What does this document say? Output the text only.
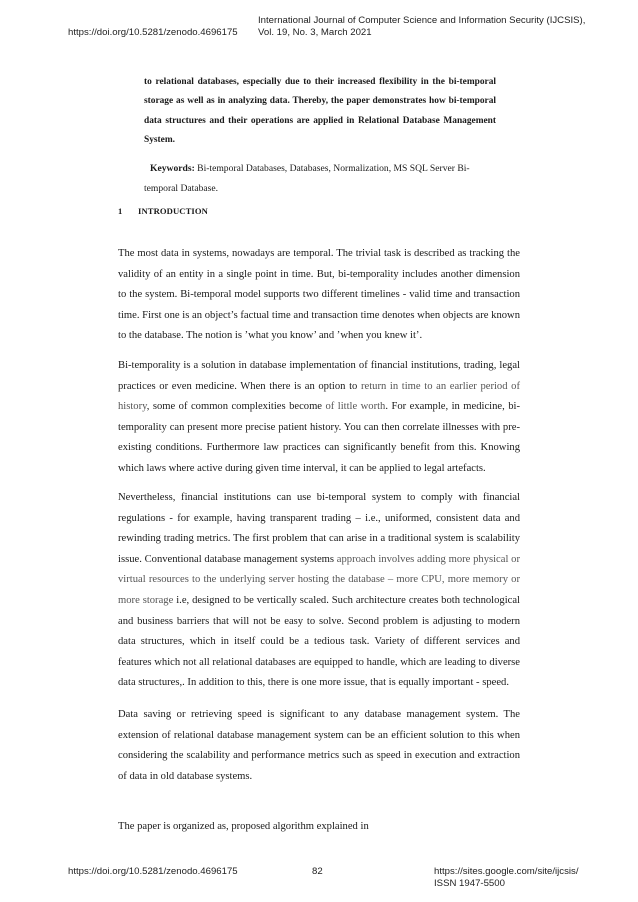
https://doi.org/10.5281/zenodo.4696175
International Journal of Computer Science and Information Security (IJCSIS),
Vol. 19, No. 3, March 2021
to relational databases, especially due to their increased flexibility in the bi-temporal storage as well as in analyzing data. Thereby, the paper demonstrates how bi-temporal data structures and their operations are applied in Relational Database Management System.
Keywords: Bi-temporal Databases, Databases, Normalization, MS SQL Server Bi-temporal Database.
1 INTRODUCTION

The most data in systems, nowadays are temporal. The trivial task is described as tracking the validity of an entity in a single point in time. But, bi-temporality includes another dimension to the system. Bi-temporal model supports two different timelines - valid time and transaction time. First one is an object’s factual time and transaction time denotes when objects are known to the database. The notion is ’what you know’ and ’when you knew it’.

Bi-temporality is a solution in database implementation of financial institutions, trading, legal practices or even medicine. When there is an option to return in time to an earlier period of history, some of common complexities become of little worth. For example, in medicine, bi-temporality can present more precise patient history. You can then correlate illnesses with pre-existing conditions. Furthermore law practices can significantly benefit from this. Knowing which laws where active during given time interval, it can be applied to legal artefacts.

Nevertheless, financial institutions can use bi-temporal system to comply with financial regulations - for example, having transparent trading – i.e., uniformed, consistent data and rewinding trading metrics. The first problem that can arise in a traditional system is scalability issue. Conventional database management systems approach involves adding more physical or virtual resources to the underlying server hosting the database – more CPU, more memory or more storage i.e, designed to be vertically scaled. Such architecture creates both technological and business barriers that will not be easy to solve. Second problem is adjusting to modern data structures, which in itself could be a tedious task. Variety of different services and features which not all relational databases are equipped to handle, which are leading to diverse data structures,. In addition to this, there is one more issue, that is equally important - speed.

Data saving or retrieving speed is significant to any database management system. The extension of relational database management system can be an efficient solution to this when considering the scalability and performance metrics such as speed in execution and extraction of data in old database systems.

The paper is organized as, proposed algorithm explained in

https://doi.org/10.5281/zenodo.4696175	82	https://sites.google.com/site/ijcsis/
ISSN 1947-5500
